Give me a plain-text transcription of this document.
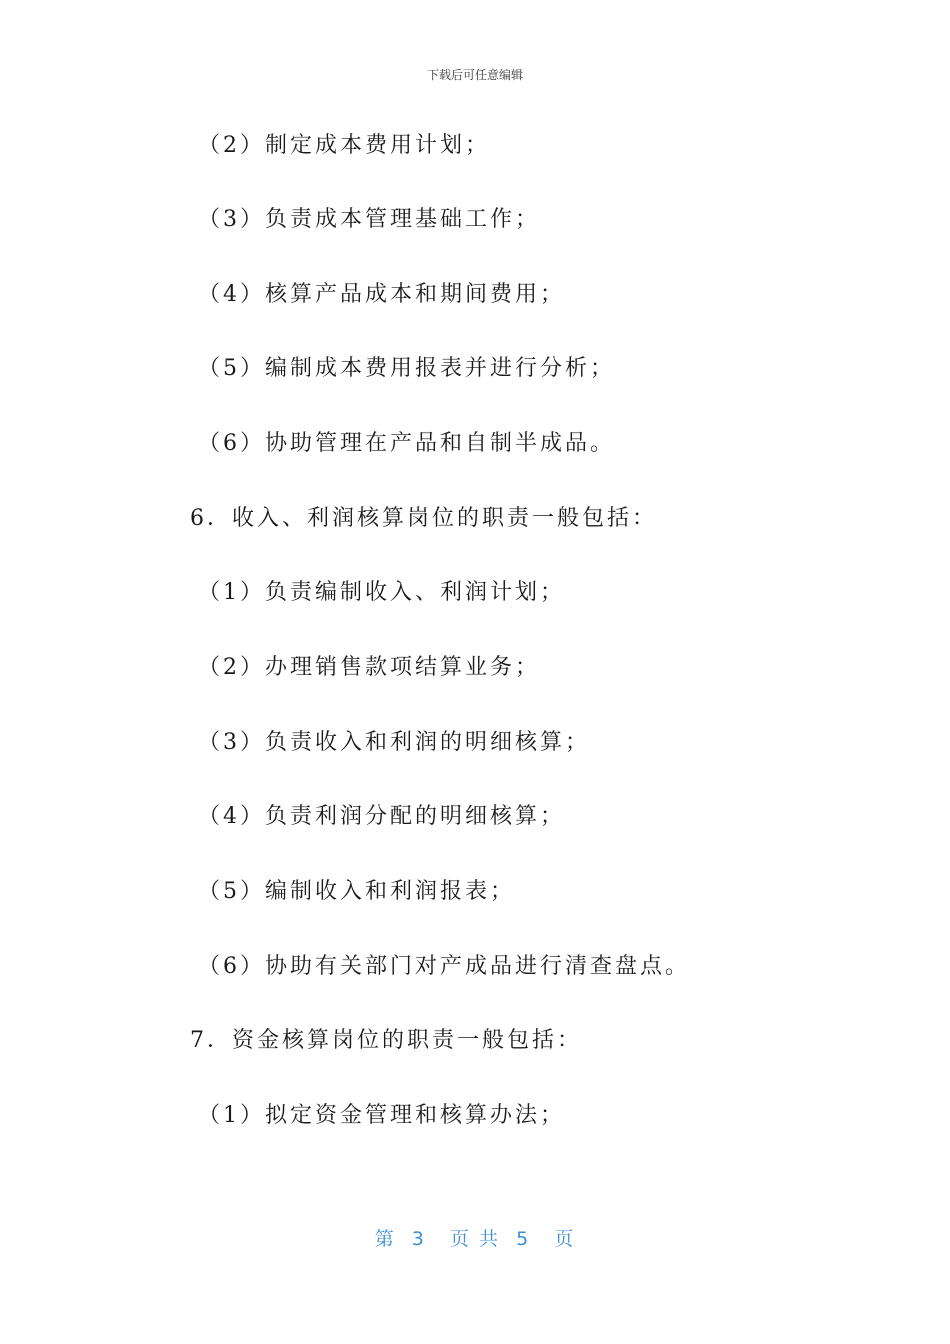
下载后可任意编辑
（2）制定成本费用计划；
（3）负责成本管理基础工作；
（4）核算产品成本和期间费用；
（5）编制成本费用报表并进行分析；
（6）协助管理在产品和自制半成品。
6．收入、利润核算岗位的职责一般包括：
（1）负责编制收入、利润计划；
（2）办理销售款项结算业务；
（3）负责收入和利润的明细核算；
（4）负责利润分配的明细核算；
（5）编制收入和利润报表；
（6）协助有关部门对产成品进行清查盘点。
7．资金核算岗位的职责一般包括：
（1）拟定资金管理和核算办法；
第  3   页 共  5   页
